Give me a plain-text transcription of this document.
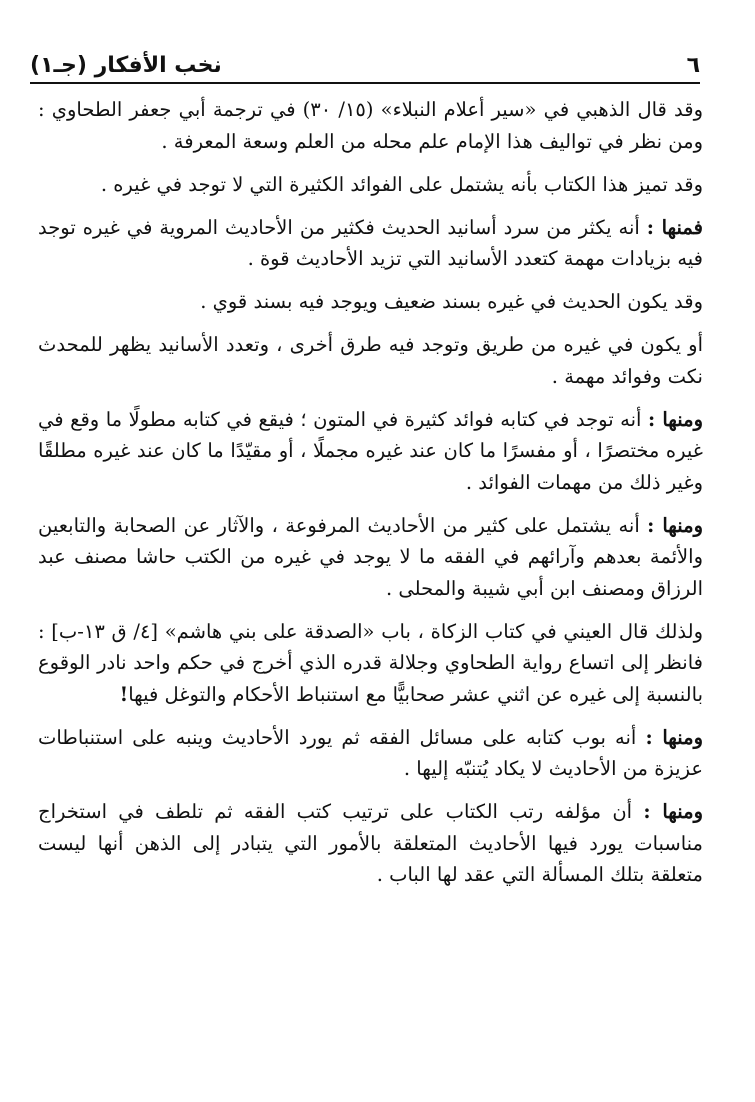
٦
نخب الأفكار (جـ١)

وقد قال الذهبي في «سير أعلام النبلاء» (١٥/ ٣٠) في ترجمة أبي جعفر الطحاوي : ومن نظر في تواليف هذا الإمام علم محله من العلم وسعة المعرفة .

وقد تميز هذا الكتاب بأنه يشتمل على الفوائد الكثيرة التي لا توجد في غيره .

فمنها : أنه يكثر من سرد أسانيد الحديث فكثير من الأحاديث المروية في غيره توجد فيه بزيادات مهمة كتعدد الأسانيد التي تزيد الأحاديث قوة .

وقد يكون الحديث في غيره بسند ضعيف ويوجد فيه بسند قوي .

أو يكون في غيره من طريق وتوجد فيه طرق أخرى ، وتعدد الأسانيد يظهر للمحدث نكت وفوائد مهمة .

ومنها : أنه توجد في كتابه فوائد كثيرة في المتون ؛ فيقع في كتابه مطولًا ما وقع في غيره مختصرًا ، أو مفسرًا ما كان عند غيره مجملًا ، أو مقيّدًا ما كان عند غيره مطلقًا وغير ذلك من مهمات الفوائد .

ومنها : أنه يشتمل على كثير من الأحاديث المرفوعة ، والآثار عن الصحابة والتابعين والأئمة بعدهم وآرائهم في الفقه ما لا يوجد في غيره من الكتب حاشا مصنف عبد الرزاق ومصنف ابن أبي شيبة والمحلى .

ولذلك قال العيني في كتاب الزكاة ، باب «الصدقة على بني هاشم» [٤/ ق ١٣-ب] : فانظر إلى اتساع رواية الطحاوي وجلالة قدره الذي أخرج في حكم واحد نادر الوقوع بالنسبة إلى غيره عن اثني عشر صحابيًّا مع استنباط الأحكام والتوغل فيها!

ومنها : أنه بوب كتابه على مسائل الفقه ثم يورد الأحاديث وينبه على استنباطات عزيزة من الأحاديث لا يكاد يُتنبّه إليها .

ومنها : أن مؤلفه رتب الكتاب على ترتيب كتب الفقه ثم تلطف في استخراج مناسبات يورد فيها الأحاديث المتعلقة بالأمور التي يتبادر إلى الذهن أنها ليست متعلقة بتلك المسألة التي عقد لها الباب .
